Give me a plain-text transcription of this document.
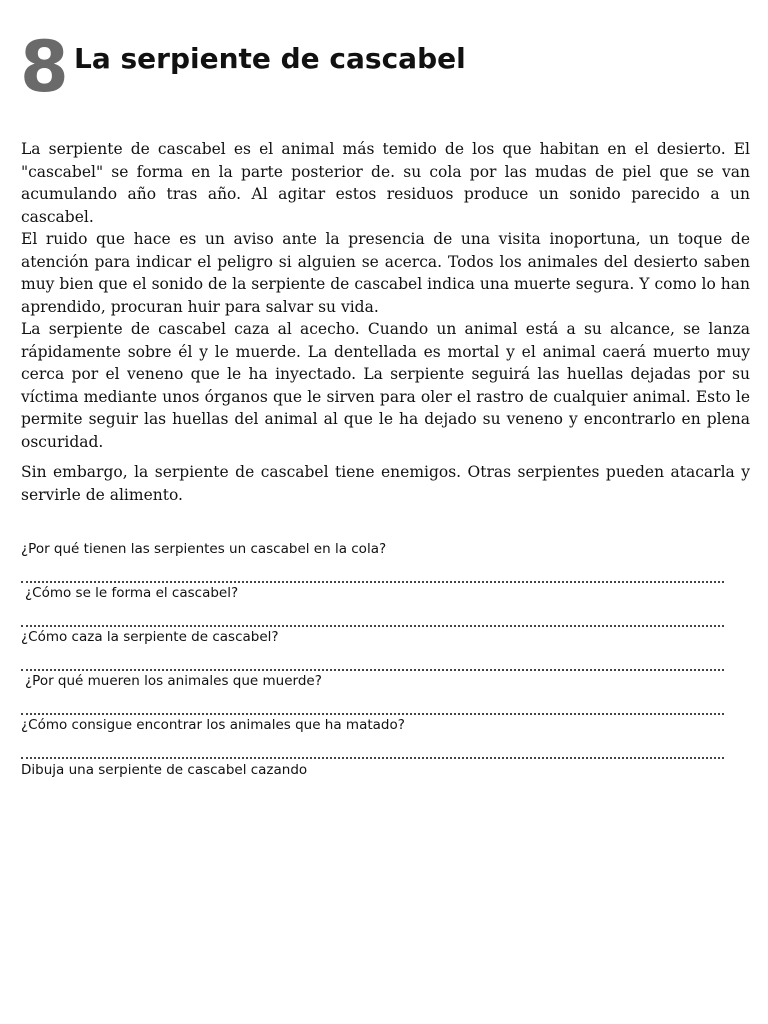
8 La serpiente de cascabel

La serpiente de cascabel es el animal más temido de los que habitan en el desierto. El "cascabel" se forma en la parte posterior de. su cola por las mudas de piel que se van acumulando año tras año. Al agitar estos residuos produce un sonido parecido a un cascabel.

El ruido que hace es un aviso ante la presencia de una visita inoportuna, un toque de atención para indicar el peligro si alguien se acerca. Todos los animales del desierto saben muy bien que el sonido de la serpiente de cascabel indica una muerte segura. Y como lo han aprendido, procuran huir para salvar su vida.

La serpiente de cascabel caza al acecho. Cuando un animal está a su alcance, se lanza rápidamente sobre él y le muerde. La dentellada es mortal y el animal caerá muerto muy cerca por el veneno que le ha inyectado. La serpiente seguirá las huellas dejadas por su víctima mediante unos órganos que le sirven para oler el rastro de cualquier animal. Esto le permite seguir las huellas del animal al que le ha dejado su veneno y encontrarlo en plena oscuridad.

Sin embargo, la serpiente de cascabel tiene enemigos. Otras serpientes pueden atacarla y servirle de alimento.

¿Por qué tienen las serpientes un cascabel en la cola?
¿Cómo se le forma el cascabel?
¿Cómo caza la serpiente de cascabel?
¿Por qué mueren los animales que muerde?
¿Cómo consigue encontrar los animales que ha matado?
Dibuja una serpiente de cascabel cazando
